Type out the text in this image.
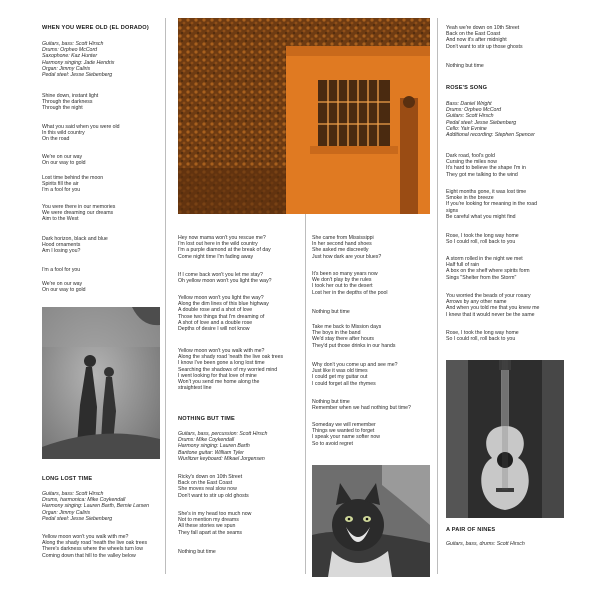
WHEN YOU WERE OLD (EL DORADO)
Guitars, bass: Scott Hirsch
Drums: Orpheo McCord
Saxophone: Kaz Hunter
Harmony singing: Jade Hendrix
Organ: Jimmy Caliris
Pedal steel: Jesse Siebenberg
Shine down, instant light
Through the darkness
Through the night
What you said when you were old
In this wild country
On the road
We're on our way
On our way to gold
Lost time behind the moon
Spirits fill the air
I'm a fool for you
You were there in our memories
We were dreaming our dreams
Aim to the West
Dark horizon, black and blue
Hood ornaments
Am I losing you?
I'm a fool for you
We're on our way
On our way to gold
LONG LOST TIME
Guitars, bass: Scott Hirsch
Drums, harmonica: Mike Coykendall
Harmony singing: Lauren Barth, Bernie Larsen
Organ: Jimmy Caliris
Pedal steel: Jesse Siebenberg
Yellow moon won't you walk with me?
Along the shady road 'neath the live oak trees
There's darkness where the wheels turn low
Coming down that hill to the valley below
Hey now mama won't you rescue me?
I'm lost out here in the wild country
I'm a purple diamond at the break of day
Come night time I'm fading away
If I come back won't you let me stay?
Oh yellow moon won't you light the way?
Yellow moon won't you light the way?
Along the dim lines of this blue highway
A double rose and a shot of love
Those two things that I'm dreaming of
A shot of love and a double rose
Depths of desire I will not know
Yellow moon won't you walk with me?
Along the shady road 'neath the live oak trees
I know I've been gone a long lost time
Searching the shadows of my worried mind
I went looking for that love of mine
Won't you send me home along the
straightest line
NOTHING BUT TIME
Guitars, bass, percussion: Scott Hirsch
Drums: Mike Coykendall
Harmony singing: Lauren Barth
Baritone guitar: William Tyler
Wurlitzer keyboard: Mikael Jorgensen
Ricky's down on 10th Street
Back on the East Coast
She moves real slow now
Don't want to stir up old ghosts
She's in my head too much now
Not to mention my dreams
All these stories we spun
They fall apart at the seams
Nothing but time
She came from Mississippi
In her second hand shoes
She asked me discreetly
Just how dark are your blues?
It's been so many years now
We don't play by the rules
I took her out to the desert
Lost her in the depths of the pool
Nothing but time
Take me back to Mission days
The boys in the band
We'd stay there after hours
They'd put those drinks in our hands
Why don't you come up and see me?
Just like it was old times
I could get my guitar out
I could forget all the rhymes
Nothing but time
Remember when we had nothing but time?
Someday we will remember
Things we wanted to forget
I speak your name softer now
So to avoid regret
Yeah we're down on 10th Street
Back on the East Coast
And now it's after midnight
Don't want to stir up those ghosts
Nothing but time
ROSE'S SONG
Bass: Daniel Wright
Drums: Orpheo McCord
Guitars: Scott Hirsch
Pedal steel: Jesse Siebenberg
Cello: Yair Evnine
Additional recording: Stephen Spencer
Dark road, fool's gold
Cursing the miles now
It's hard to believe the shape I'm in
They got me talking to the wind
Eight months gone, it was lost time
Smoke in the breeze
If you're looking for meaning in the road
signs
Be careful what you might find
Rose, I took the long way home
So I could roll, roll back to you
A storm rolled in the night we met
Half full of rain
A box on the shelf where spirits form
Sings "Shelter from the Storm"
You worried the beads of your rosary
Arrows by any other name
And when you told me that you knew me
I knew that it would never be the same
Rose, I took the long way home
So I could roll, roll back to you
A PAIR OF NINES
Guitars, bass, drums: Scott Hirsch
